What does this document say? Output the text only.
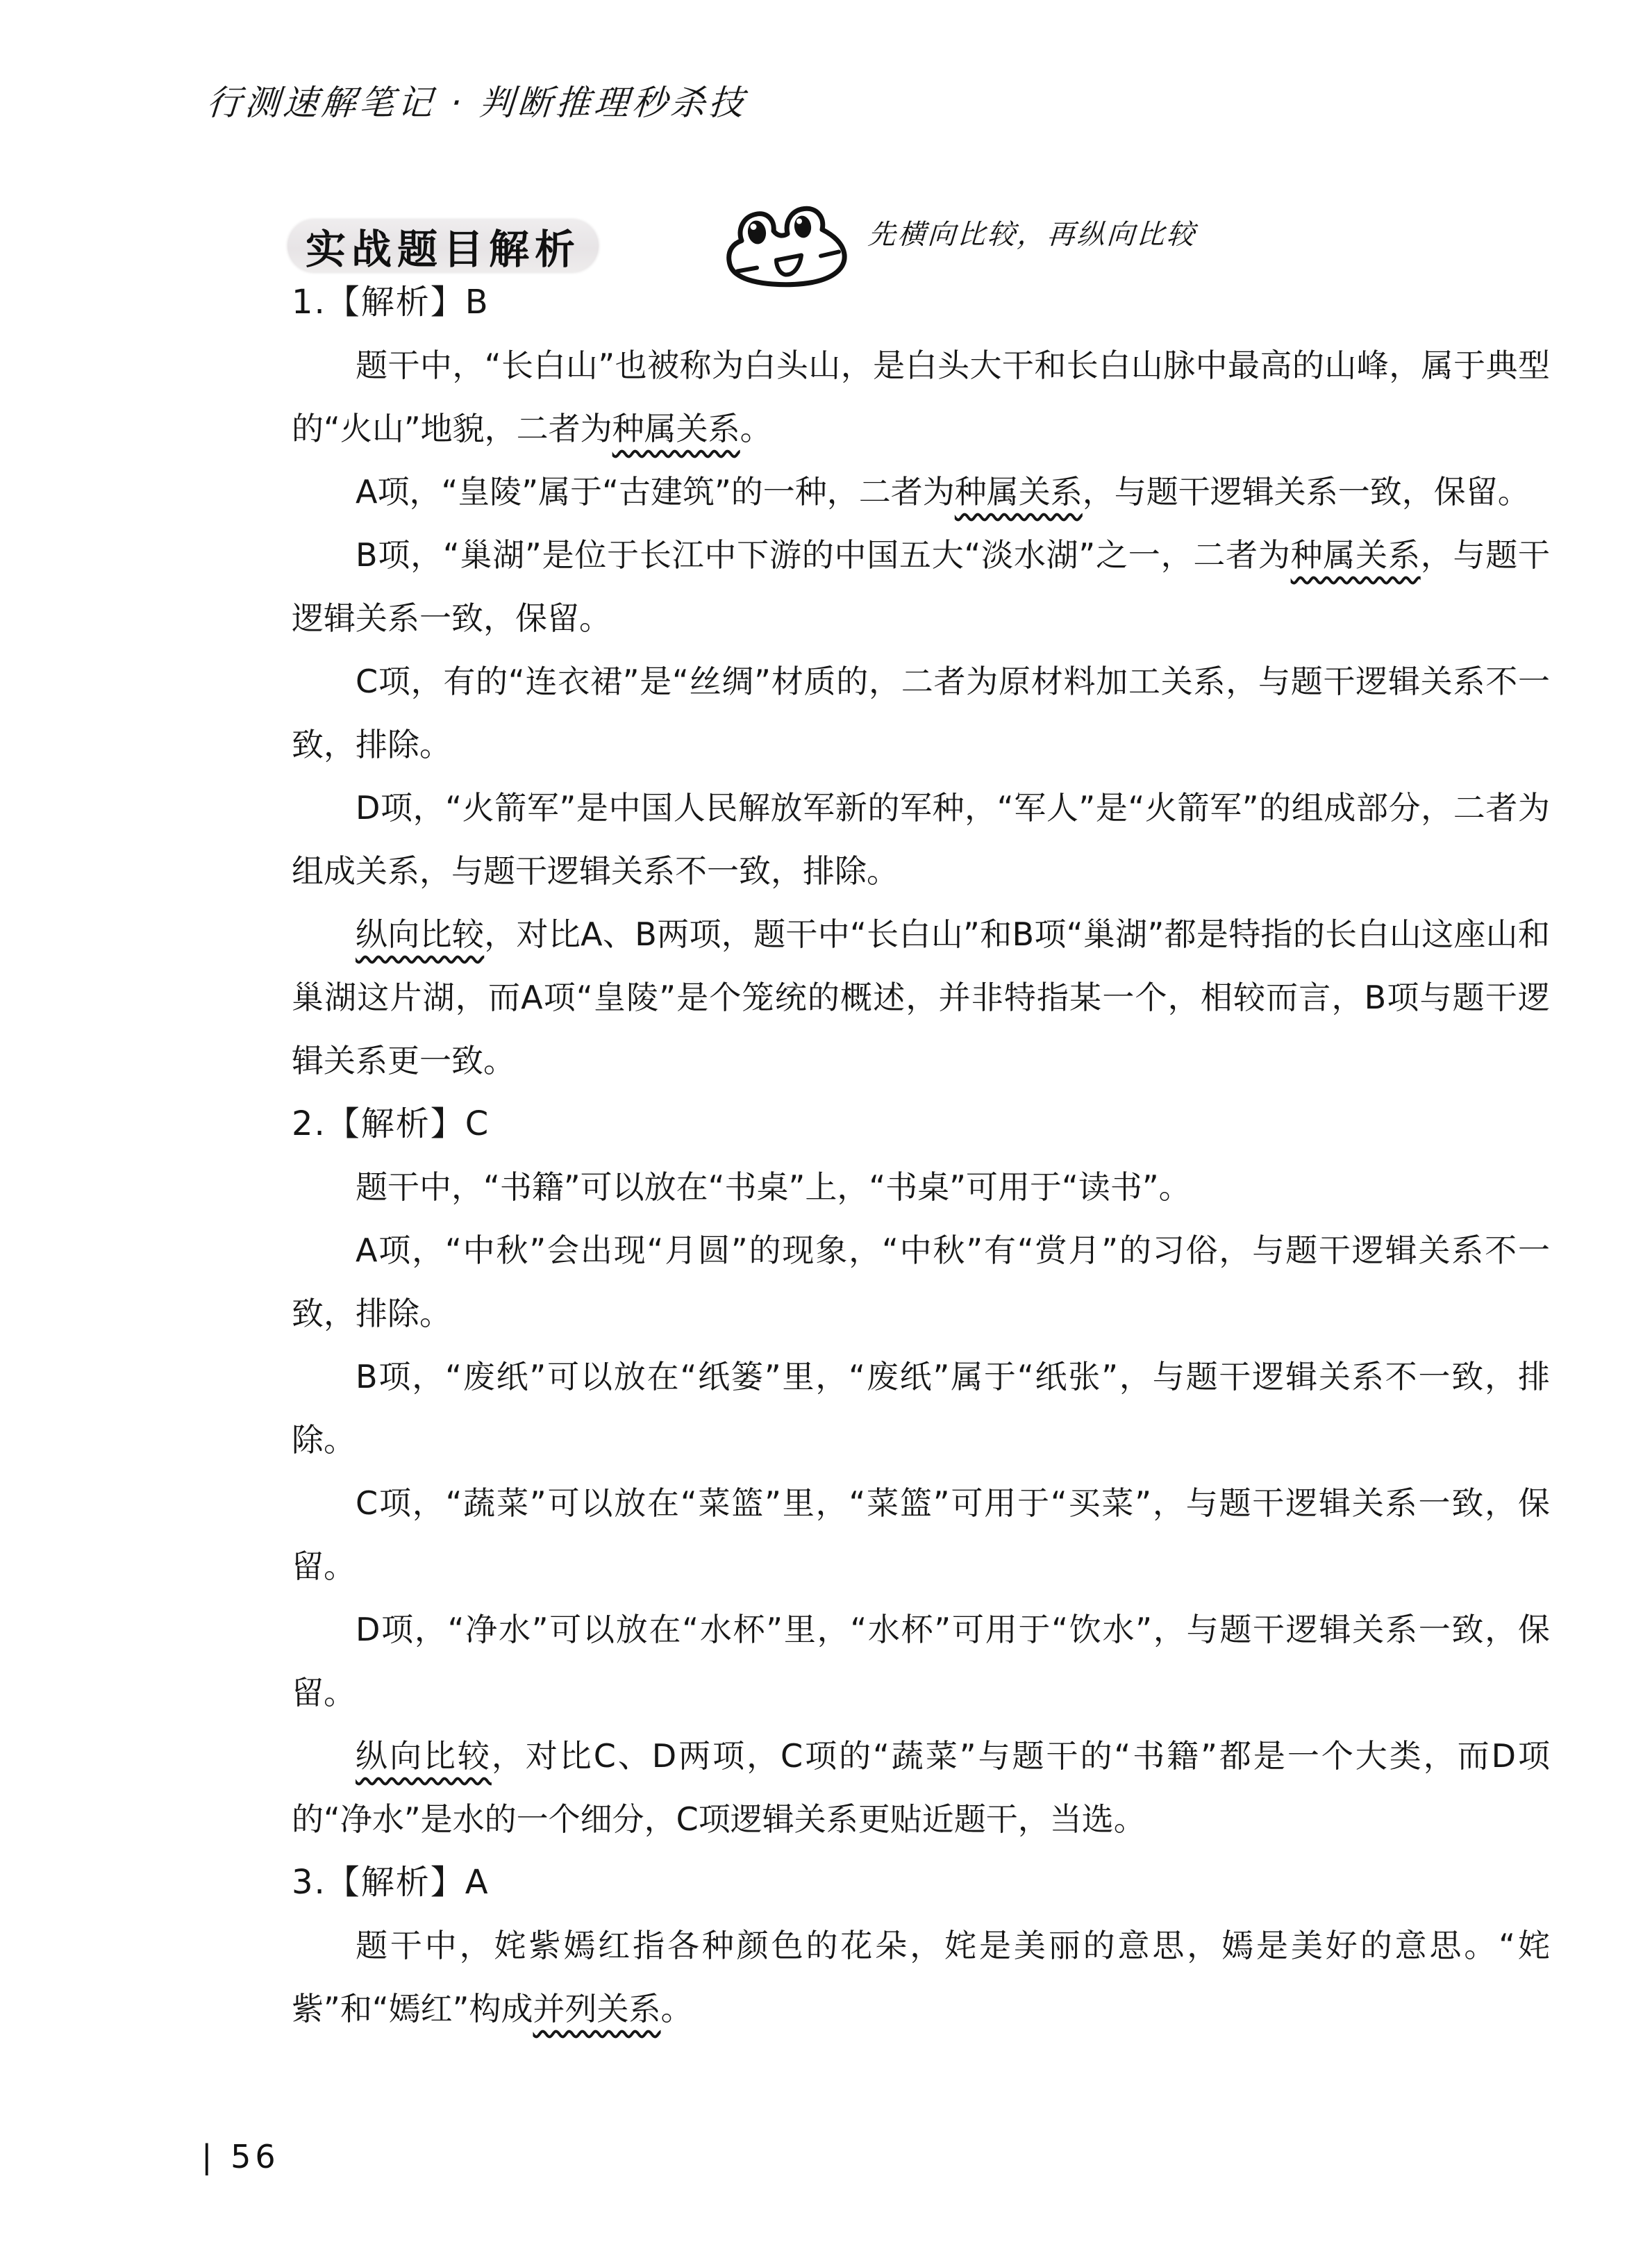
行测速解笔记 · 判断推理秒杀技
实战题目解析	先横向比较，再纵向比较

1.【解析】B

题干中，“长白山”也被称为白头山，是白头大干和长白山脉中最高的山峰，属于典型的“火山”地貌，二者为种属关系。

A项，“皇陵”属于“古建筑”的一种，二者为种属关系，与题干逻辑关系一致，保留。

B项，“巢湖”是位于长江中下游的中国五大“淡水湖”之一，二者为种属关系，与题干逻辑关系一致，保留。

C项，有的“连衣裙”是“丝绸”材质的，二者为原材料加工关系，与题干逻辑关系不一致，排除。

D项，“火箭军”是中国人民解放军新的军种，“军人”是“火箭军”的组成部分，二者为组成关系，与题干逻辑关系不一致，排除。

纵向比较，对比A、B两项，题干中“长白山”和B项“巢湖”都是特指的长白山这座山和巢湖这片湖，而A项“皇陵”是个笼统的概述，并非特指某一个，相较而言，B项与题干逻辑关系更一致。

2.【解析】C

题干中，“书籍”可以放在“书桌”上，“书桌”可用于“读书”。

A项，“中秋”会出现“月圆”的现象，“中秋”有“赏月”的习俗，与题干逻辑关系不一致，排除。

B项，“废纸”可以放在“纸篓”里，“废纸”属于“纸张”，与题干逻辑关系不一致，排除。

C项，“蔬菜”可以放在“菜篮”里，“菜篮”可用于“买菜”，与题干逻辑关系一致，保留。

D项，“净水”可以放在“水杯”里，“水杯”可用于“饮水”，与题干逻辑关系一致，保留。

纵向比较，对比C、D两项，C项的“蔬菜”与题干的“书籍”都是一个大类，而D项的“净水”是水的一个细分，C项逻辑关系更贴近题干，当选。

3.【解析】A

题干中，姹紫嫣红指各种颜色的花朵，姹是美丽的意思，嫣是美好的意思。“姹紫”和“嫣红”构成并列关系。

| 56
